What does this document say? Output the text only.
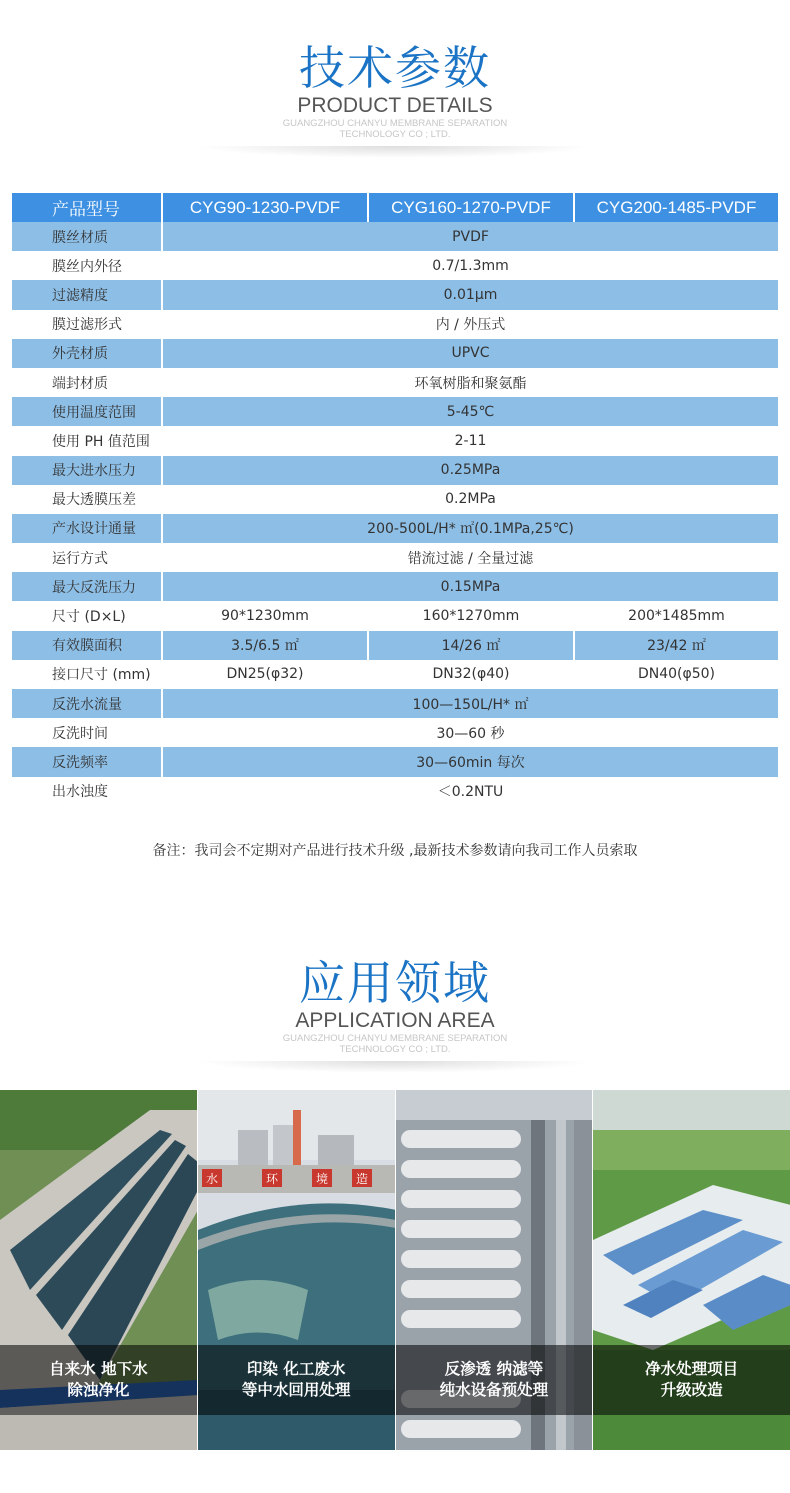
技术参数
PRODUCT DETAILS
GUANGZHOU CHANYU MEMBRANE SEPARATION
TECHNOLOGY CO ; LTD.
产品型号	CYG90-1230-PVDF	CYG160-1270-PVDF	CYG200-1485-PVDF
膜丝材质	PVDF		
膜丝内外径	0.7/1.3mm		
过滤精度	0.01μm		
膜过滤形式	内 / 外压式		
外壳材质	UPVC		
端封材质	环氧树脂和聚氨酯		
使用温度范围	5-45℃		
使用 PH 值范围	2-11		
最大进水压力	0.25MPa		
最大透膜压差	0.2MPa		
产水设计通量	200-500L/H* ㎡(0.1MPa,25℃)		
运行方式	错流过滤 / 全量过滤		
最大反洗压力	0.15MPa		
尺寸 (D×L)	90*1230mm	160*1270mm	200*1485mm
有效膜面积	3.5/6.5 ㎡	14/26 ㎡	23/42 ㎡
接口尺寸 (mm)	DN25(φ32)	DN32(φ40)	DN40(φ50)
反洗水流量	100—150L/H* ㎡		
反洗时间	30—60 秒		
反洗频率	30—60min 每次		
出水浊度	＜0.2NTU		
备注：我司会不定期对产品进行技术升级 ,最新技术参数请向我司工作人员索取
应用领域
APPLICATION AREA
GUANGZHOU CHANYU MEMBRANE SEPARATION
TECHNOLOGY CO ; LTD.
自来水 地下水
除浊净化
水	环	境 造
印染 化工废水
等中水回用处理
反渗透 纳滤等
纯水设备预处理
净水处理项目
升级改造
